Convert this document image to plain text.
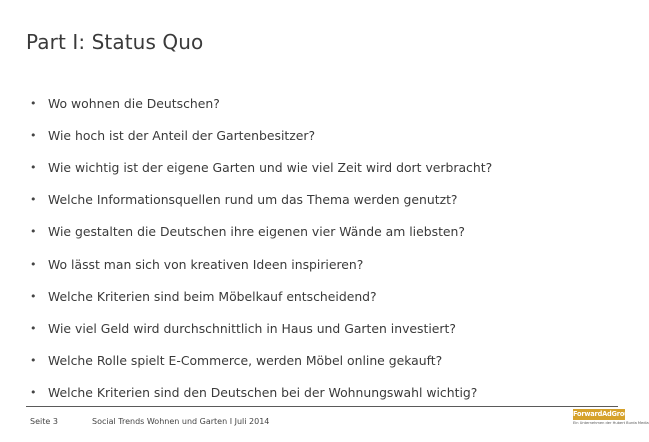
Part I: Status Quo
• Wo wohnen die Deutschen?
• Wie hoch ist der Anteil der Gartenbesitzer?
• Wie wichtig ist der eigene Garten und wie viel Zeit wird dort verbracht?
• Welche Informationsquellen rund um das Thema werden genutzt?
• Wie gestalten die Deutschen ihre eigenen vier Wände am liebsten?
• Wo lässt man sich von kreativen Ideen inspirieren?
• Welche Kriterien sind beim Möbelkauf entscheidend?
• Wie viel Geld wird durchschnittlich in Haus und Garten investiert?
• Welche Rolle spielt E-Commerce, werden Möbel online gekauft?
• Welche Kriterien sind den Deutschen bei der Wohnungswahl wichtig?
Seite 3	Social Trends Wohnen und Garten I Juli 2014
ForwardAdGroup
Ein Unternehmen der Hubert Burda Media
